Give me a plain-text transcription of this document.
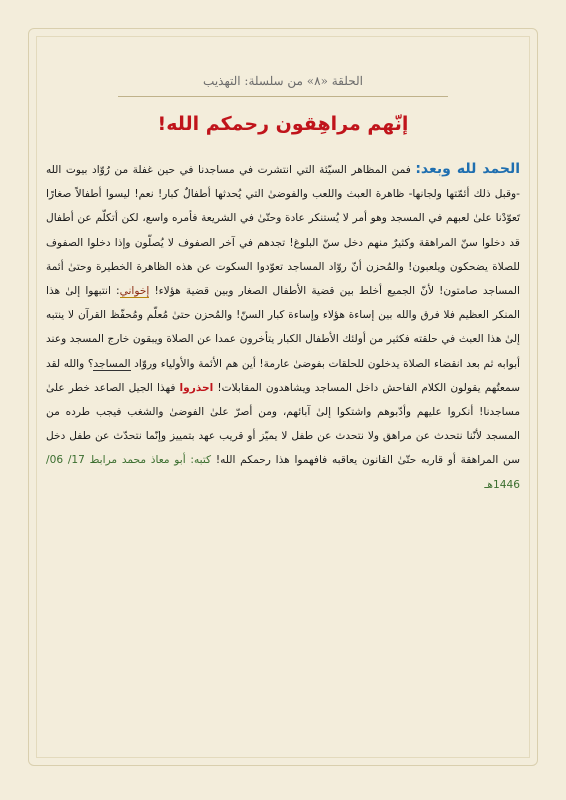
الحلقة «٨» من سلسلة: التهذيب

إنّهم مراهِقون رحمكم الله!

الحمد لله وبعد: فمن المظاهر السيّئة التي انتشرت في مساجدنا في حين غفلة من رُوّاد بيوت الله -وقبل ذلك أئمّتها ولجانها- ظاهرة العبث واللعب والفوضىٰ التي يُحدثها أطفالٌ كبار! نعم! ليسوا أطفالاً صغارًا تَعوّدْنا علىٰ لعبهم في المسجد وهو أمر لا يُستنكر عادة وحتّىٰ في الشريعة فأمره واسع، لكن أتكلّم عن أطفال قد دخلوا سنّ المراهقة وكثيرٌ منهم دخل سنّ البلوغ! تجدهم في آخر الصفوف لا يُصلّون وإذا دخلوا الصفوف للصلاة يضحكون ويلعبون! والمُحزن أنّ روّاد المساجد تعوّدوا السكوت عن هذه الظاهرة الخطيرة وحتىٰ أئمة المساجد صامتون! لأنّ الجميع أخلط بين قضية الأطفال الصغار وبين قضية هؤلاء! إخواني: انتبهوا إلىٰ هذا المنكر العظيم فلا فرق والله بين إساءة هؤلاء وإساءة كبار السنّ! والمُحزن حتىٰ مُعلّم ومُحفّظ القرآن لا ينتبه إلىٰ هذا العبث في حلقته فكثير من أولئك الأطفال الكبار يتأخرون عمدا عن الصلاة ويبقون خارج المسجد وعند أبوابه ثم بعد انقضاء الصلاة يدخلون للحلقات بفوضىٰ عارمة! أين هم الأئمة والأولياء وروّاد المساجد؟ والله لقد سمعتُهم يقولون الكلام الفاحش داخل المساجد ويشاهدون المقابلات! احذروا فهذا الجيل الصاعد خطر علىٰ مساجدنا! أنكروا عليهم وأدّبوهم واشتكوا إلىٰ آبائهم، ومن أصرّ علىٰ الفوضىٰ والشغب فيجب طرده من المسجد لأنّنا نتحدث عن مراهق ولا نتحدث عن طفل لا يميّز أو قريب عهد بتمييز وإنّما نتحدّث عن طفل دخل سن المراهقة أو قاربه حتّىٰ القانون يعاقبه فافهموا هذا رحمكم الله! كتبه: أبو معاذ محمد مرابط 17/ 06/ 1446هـ
